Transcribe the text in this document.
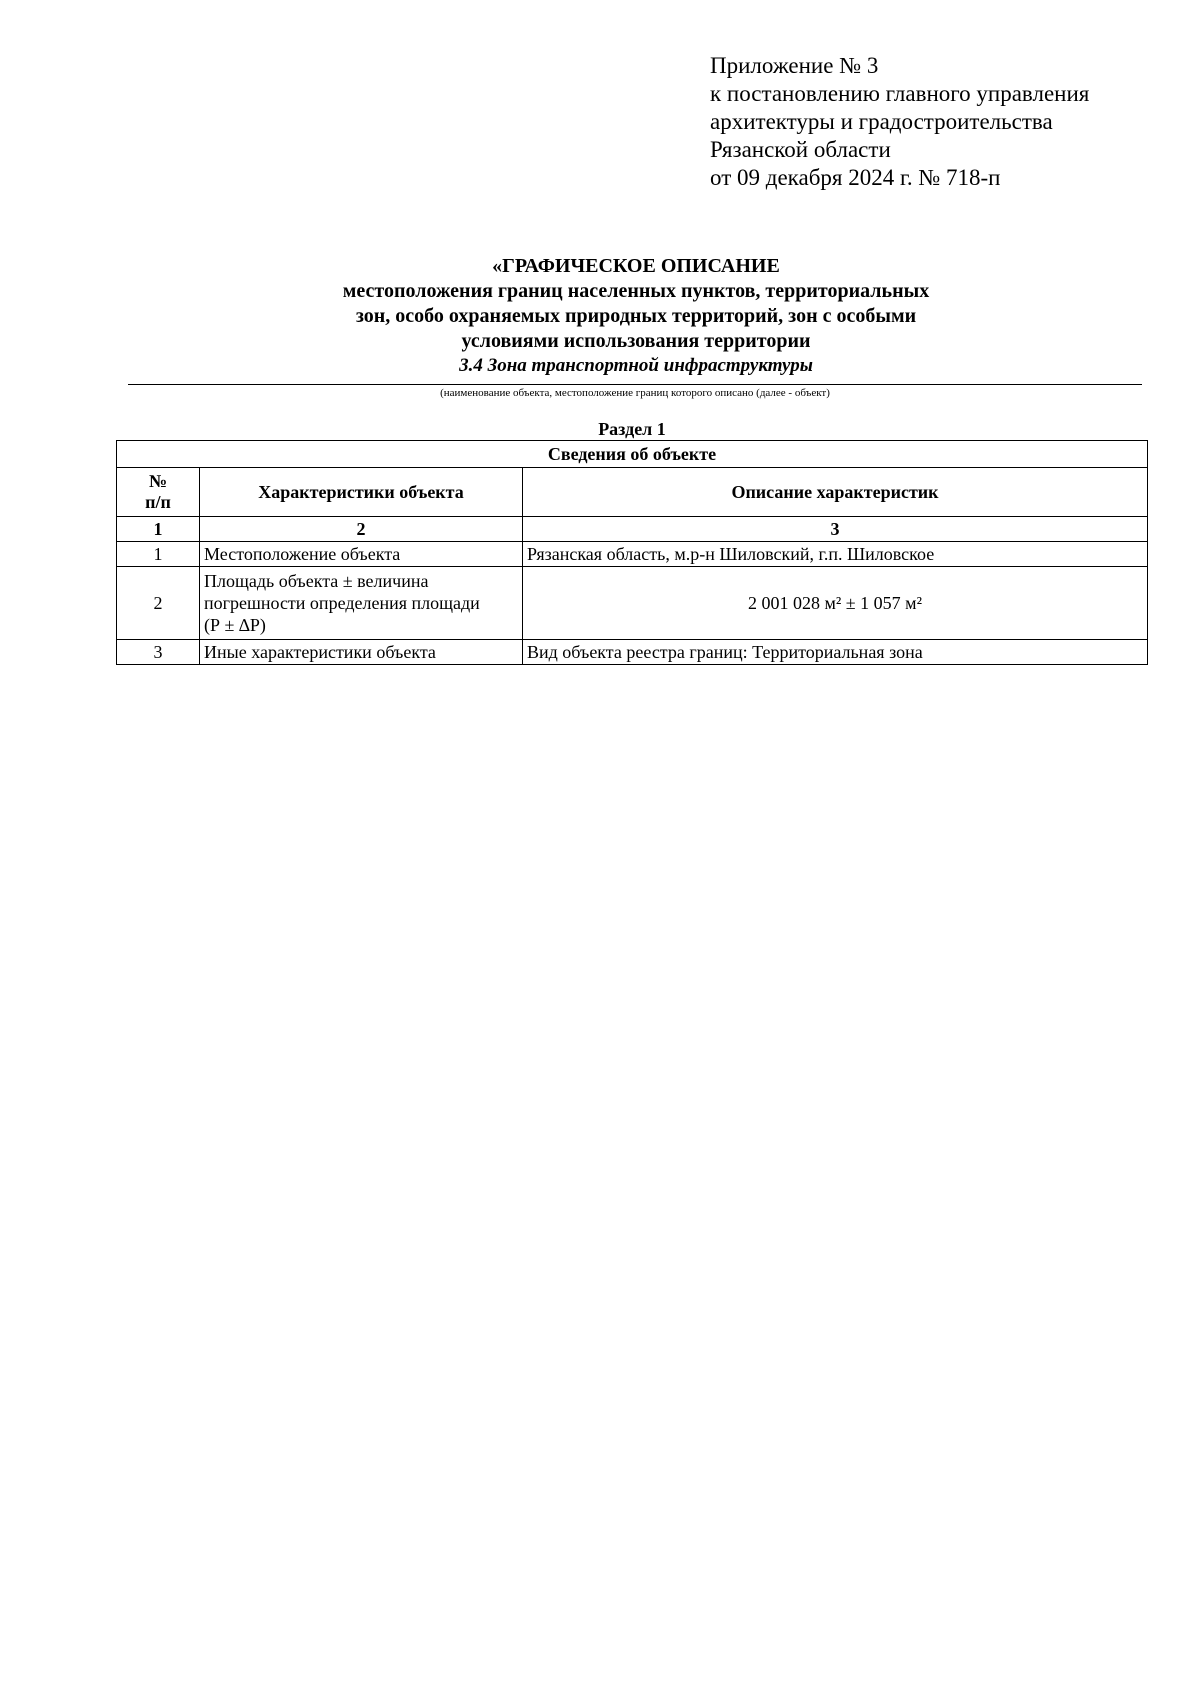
Приложение № 3
к постановлению главного управления
архитектуры и градостроительства
Рязанской области
от 09 декабря 2024 г. № 718-п
«ГРАФИЧЕСКОЕ ОПИСАНИЕ
местоположения границ населенных пунктов, территориальных
зон, особо охраняемых природных территорий, зон с особыми
условиями использования территории
3.4 Зона транспортной инфраструктуры
(наименование объекта, местоположение границ которого описано (далее - объект)
Раздел 1
Сведения об объекте		
№
п/п	Характеристики объекта	Описание характеристик
1	2	3
1	Местоположение объекта	Рязанская область, м.р-н Шиловский, г.п. Шиловское
2	Площадь объекта ± величина
погрешности определения площади
(Р ± ∆Р)	2 001 028 м² ± 1 057 м²
3	Иные характеристики объекта	Вид объекта реестра границ: Территориальная зона
